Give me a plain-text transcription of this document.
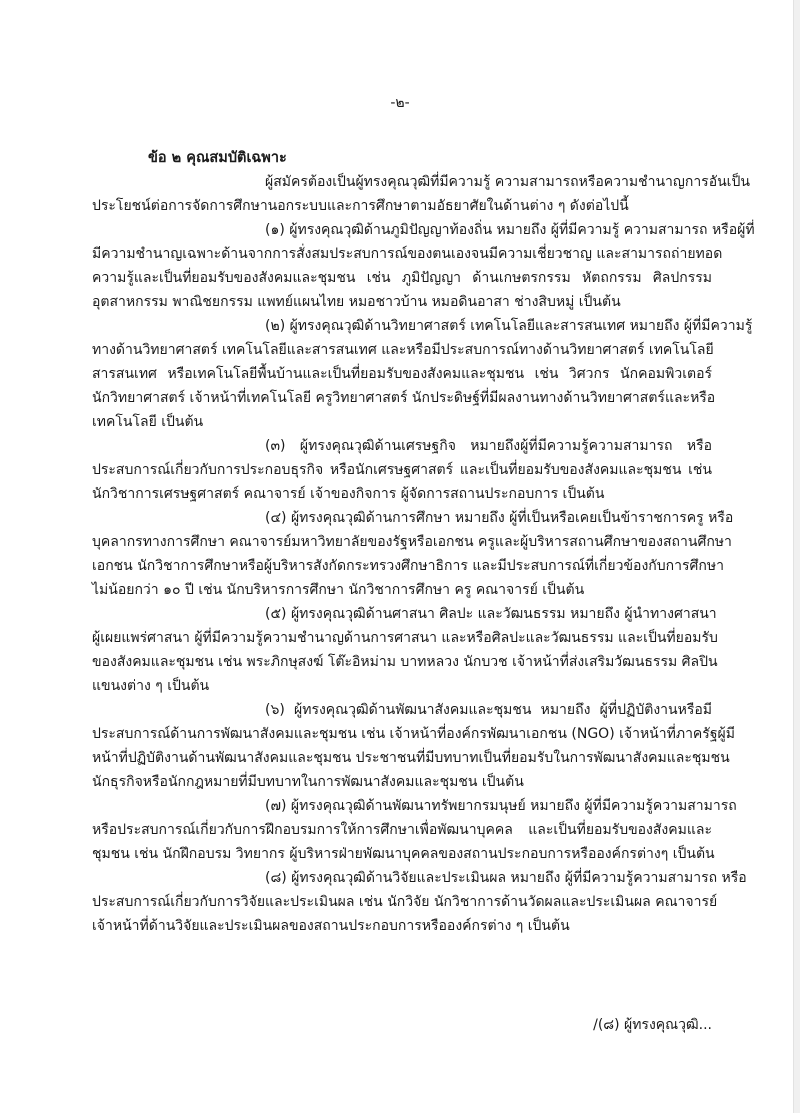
-๒-
ข้อ ๒ คุณสมบัติเฉพาะ
ผู้สมัครต้องเป็นผู้ทรงคุณวุฒิที่มีความรู้ ความสามารถหรือความชำนาญการอันเป็น
ประโยชน์ต่อการจัดการศึกษานอกระบบและการศึกษาตามอัธยาศัยในด้านต่าง ๆ ดังต่อไปนี้
(๑) ผู้ทรงคุณวุฒิด้านภูมิปัญญาท้องถิ่น หมายถึง ผู้ที่มีความรู้ ความสามารถ หรือผู้ที่
มีความชำนาญเฉพาะด้านจากการสั่งสมประสบการณ์ของตนเองจนมีความเชี่ยวชาญ และสามารถถ่ายทอด
ความรู้และเป็นที่ยอมรับของสังคมและชุมชน เช่น ภูมิปัญญา ด้านเกษตรกรรม หัตถกรรม ศิลปกรรม
อุตสาหกรรม พาณิชยกรรม แพทย์แผนไทย หมอชาวบ้าน หมอดินอาสา ช่างสิบหมู่ เป็นต้น
(๒) ผู้ทรงคุณวุฒิด้านวิทยาศาสตร์ เทคโนโลยีและสารสนเทศ หมายถึง ผู้ที่มีความรู้
ทางด้านวิทยาศาสตร์ เทคโนโลยีและสารสนเทศ และหรือมีประสบการณ์ทางด้านวิทยาศาสตร์ เทคโนโลยี
สารสนเทศ หรือเทคโนโลยีพื้นบ้านและเป็นที่ยอมรับของสังคมและชุมชน เช่น วิศวกร นักคอมพิวเตอร์
นักวิทยาศาสตร์ เจ้าหน้าที่เทคโนโลยี ครูวิทยาศาสตร์ นักประดิษฐ์ที่มีผลงานทางด้านวิทยาศาสตร์และหรือ
เทคโนโลยี เป็นต้น
(๓) ผู้ทรงคุณวุฒิด้านเศรษฐกิจ หมายถึงผู้ที่มีความรู้ความสามารถ หรือ
ประสบการณ์เกี่ยวกับการประกอบธุรกิจ หรือนักเศรษฐศาสตร์ และเป็นที่ยอมรับของสังคมและชุมชน เช่น
นักวิชาการเศรษฐศาสตร์ คณาจารย์ เจ้าของกิจการ ผู้จัดการสถานประกอบการ เป็นต้น
(๔) ผู้ทรงคุณวุฒิด้านการศึกษา หมายถึง ผู้ที่เป็นหรือเคยเป็นข้าราชการครู หรือ
บุคลากรทางการศึกษา คณาจารย์มหาวิทยาลัยของรัฐหรือเอกชน ครูและผู้บริหารสถานศึกษาของสถานศึกษา
เอกชน นักวิชาการศึกษาหรือผู้บริหารสังกัดกระทรวงศึกษาธิการ และมีประสบการณ์ที่เกี่ยวข้องกับการศึกษา
ไม่น้อยกว่า ๑๐ ปี เช่น นักบริหารการศึกษา นักวิชาการศึกษา ครู คณาจารย์ เป็นต้น
(๕) ผู้ทรงคุณวุฒิด้านศาสนา ศิลปะ และวัฒนธรรม หมายถึง ผู้นำทางศาสนา
ผู้เผยแพร่ศาสนา ผู้ที่มีความรู้ความชำนาญด้านการศาสนา และหรือศิลปะและวัฒนธรรม และเป็นที่ยอมรับ
ของสังคมและชุมชน เช่น พระภิกษุสงฆ์ โต๊ะอิหม่าม บาทหลวง นักบวช เจ้าหน้าที่ส่งเสริมวัฒนธรรม ศิลปิน
แขนงต่าง ๆ เป็นต้น
(๖) ผู้ทรงคุณวุฒิด้านพัฒนาสังคมและชุมชน หมายถึง ผู้ที่ปฏิบัติงานหรือมี
ประสบการณ์ด้านการพัฒนาสังคมและชุมชน เช่น เจ้าหน้าที่องค์กรพัฒนาเอกชน (NGO) เจ้าหน้าที่ภาครัฐผู้มี
หน้าที่ปฏิบัติงานด้านพัฒนาสังคมและชุมชน ประชาชนที่มีบทบาทเป็นที่ยอมรับในการพัฒนาสังคมและชุมชน
นักธุรกิจหรือนักกฎหมายที่มีบทบาทในการพัฒนาสังคมและชุมชน เป็นต้น
(๗) ผู้ทรงคุณวุฒิด้านพัฒนาทรัพยากรมนุษย์ หมายถึง ผู้ที่มีความรู้ความสามารถ
หรือประสบการณ์เกี่ยวกับการฝึกอบรมการให้การศึกษาเพื่อพัฒนาบุคคล และเป็นที่ยอมรับของสังคมและ
ชุมชน เช่น นักฝึกอบรม วิทยากร ผู้บริหารฝ่ายพัฒนาบุคคลของสถานประกอบการหรือองค์กรต่างๆ เป็นต้น
(๘) ผู้ทรงคุณวุฒิด้านวิจัยและประเมินผล หมายถึง ผู้ที่มีความรู้ความสามารถ หรือ
ประสบการณ์เกี่ยวกับการวิจัยและประเมินผล เช่น นักวิจัย นักวิชาการด้านวัดผลและประเมินผล คณาจารย์
เจ้าหน้าที่ด้านวิจัยและประเมินผลของสถานประกอบการหรือองค์กรต่าง ๆ เป็นต้น
/(๘) ผู้ทรงคุณวุฒิ...
